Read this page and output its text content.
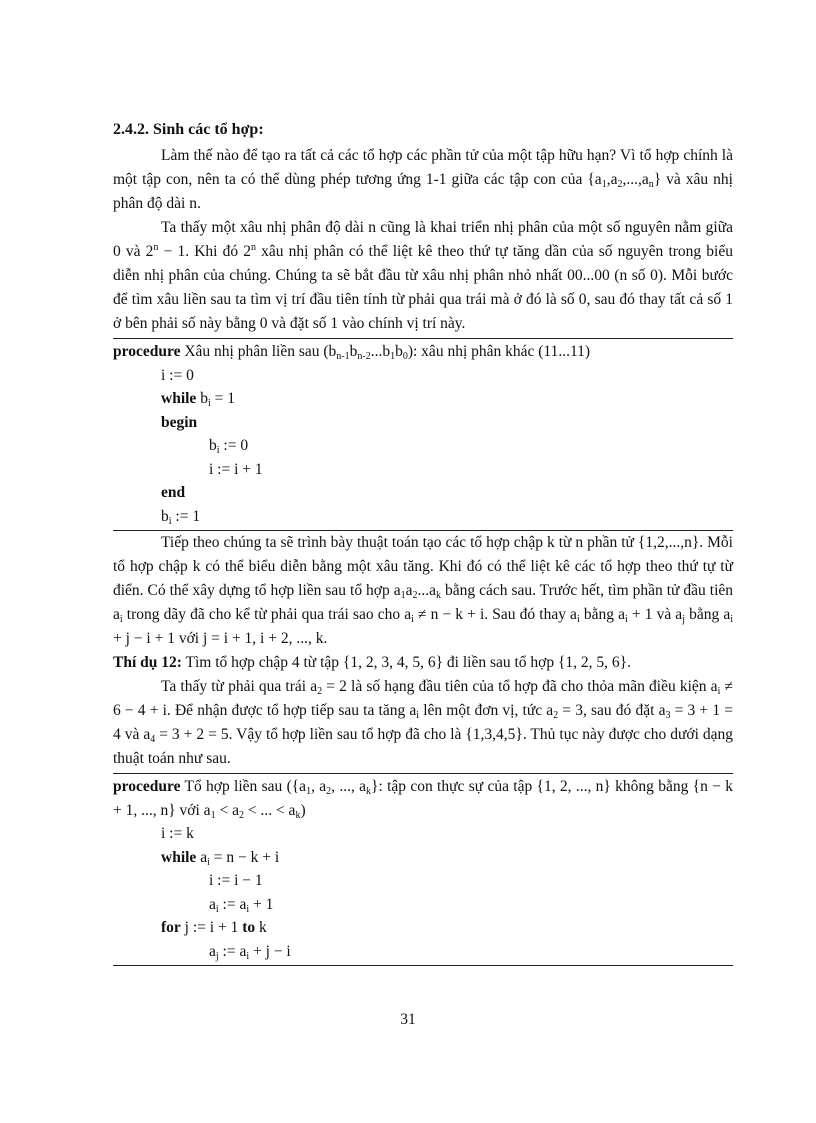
2.4.2. Sinh các tổ hợp:

Làm thế nào để tạo ra tất cả các tổ hợp các phần tử của một tập hữu hạn? Vì tổ hợp chính là một tập con, nên ta có thể dùng phép tương ứng 1-1 giữa các tập con của $\{a_1,a_2,...,a_n\}$ và xâu nhị phân độ dài n.

Ta thấy một xâu nhị phân độ dài n cũng là khai triển nhị phân của một số nguyên nằm giữa 0 và $2^n - 1$. Khi đó 2$^n$ xâu nhị phân có thể liệt kê theo thứ tự tăng dần của số nguyên trong biểu diễn nhị phân của chúng. Chúng ta sẽ bắt đầu từ xâu nhị phân nhỏ nhất 00...00 (n số 0). Mỗi bước để tìm xâu liền sau ta tìm vị trí đầu tiên tính từ phải qua trái mà ở đó là số 0, sau đó thay tất cả số 1 ở bên phải số này bằng 0 và đặt số 1 vào chính vị trí này.

procedure Xâu nhị phân liền sau $(b_{n-1}b_{n-2}...b_1b_0)$: xâu nhị phân khác (11...11)
i := 0
while $b_i = 1$
begin
$b_i$ := 0
i := i + 1
end
$b_i$ := 1

Tiếp theo chúng ta sẽ trình bày thuật toán tạo các tổ hợp chập k từ n phần tử {1,2,...,n}. Mỗi tổ hợp chập k có thể biểu diễn bằng một xâu tăng. Khi đó có thể liệt kê các tổ hợp theo thứ tự từ điển. Có thể xây dựng tổ hợp liền sau tổ hợp $a_1a_2...a_k$ bằng cách sau. Trước hết, tìm phần tử đầu tiên $a_i$ trong dãy đã cho kể từ phải qua trái sao cho $a_i \ne n - k + i$. Sau đó thay $a_i$ bằng $a_i + 1$ và $a_j$ bằng $a_i + j - i + 1$ với j = i + 1, i + 2, ..., k.

Thí dụ 12: Tìm tổ hợp chập 4 từ tập {1, 2, 3, 4, 5, 6} đi liền sau tổ hợp {1, 2, 5, 6}.

Ta thấy từ phải qua trái $a_2 = 2$ là số hạng đầu tiên của tổ hợp đã cho thỏa mãn điều kiện $a_i \ne 6 - 4 + i$. Để nhận được tổ hợp tiếp sau ta tăng $a_i$ lên một đơn vị, tức $a_2 = 3$, sau đó đặt $a_3 = 3 + 1 = 4$ và $a_4 = 3 + 2 = 5$. Vậy tổ hợp liền sau tổ hợp đã cho là {1,3,4,5}. Thủ tục này được cho dưới dạng thuật toán như sau.

procedure Tổ hợp liền sau ({$a_1$, $a_2$, ..., $a_k$}: tập con thực sự của tập {1, 2, ..., n} không bằng {n − k + 1, ..., n} với $a_1 < a_2$ < ... < $a_k$)
i := k
while $a_i = n - k + i$
i := i − 1
$a_i$ := $a_i + 1$
for j := i + 1 to k
$a_j$ := $a_i + j - i$
31
